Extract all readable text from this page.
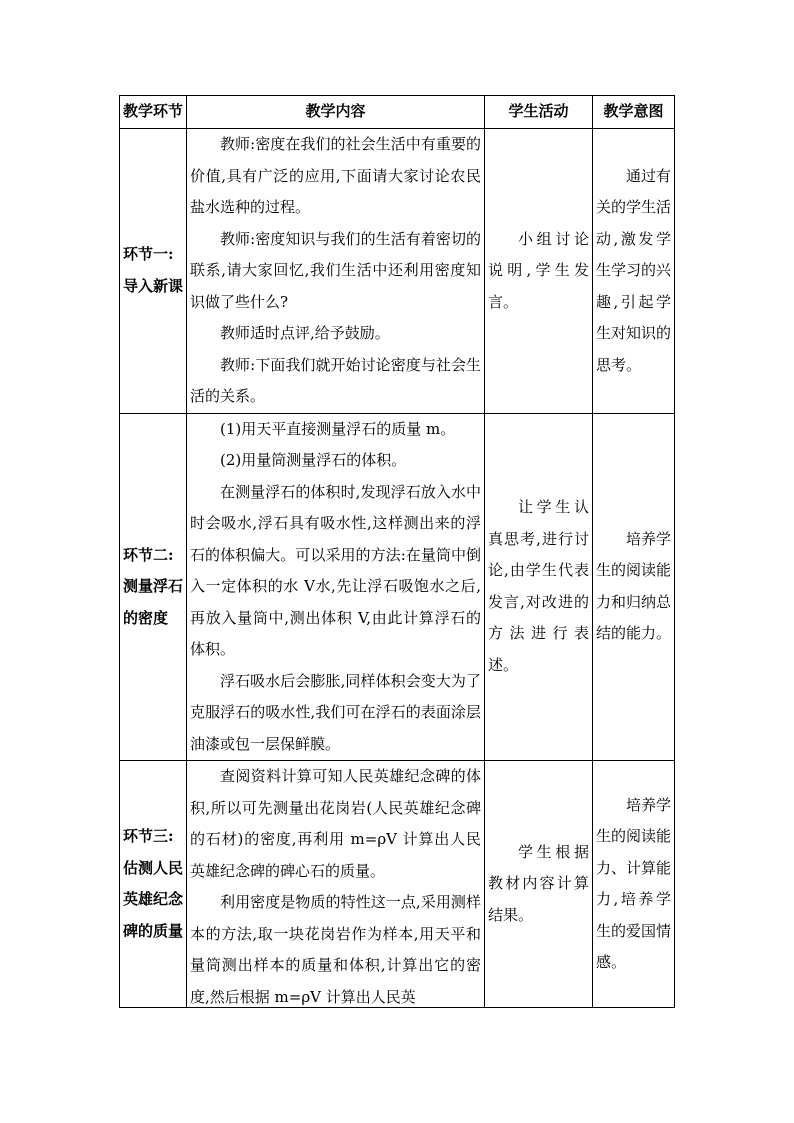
教学环节	教学内容	学生活动	教学意图
环节一:导入新课	教师:密度在我们的社会生活中有重要的价值,具有广泛的应用,下面请大家讨论农民盐水选种的过程。

教师:密度知识与我们的生活有着密切的联系,请大家回忆,我们生活中还利用密度知识做了些什么?

教师适时点评,给予鼓励。

教师:下面我们就开始讨论密度与社会生活的关系。	小组讨论说明,学生发言。	通过有关的学生活动,激发学生学习的兴趣,引起学生对知识的思考。
环节二:测量浮石的密度	(1)用天平直接测量浮石的质量 m。

(2)用量筒测量浮石的体积。

在测量浮石的体积时,发现浮石放入水中时会吸水,浮石具有吸水性,这样测出来的浮石的体积偏大。可以采用的方法:在量筒中倒入一定体积的水 V水,先让浮石吸饱水之后,再放入量筒中,测出体积 V,由此计算浮石的体积。

浮石吸水后会膨胀,同样体积会变大为了克服浮石的吸水性,我们可在浮石的表面涂层油漆或包一层保鲜膜。	让学生认真思考,进行讨论,由学生代表发言,对改进的方法进行表述。	培养学生的阅读能力和归纳总结的能力。
环节三:估测人民英雄纪念碑的质量	查阅资料计算可知人民英雄纪念碑的体积,所以可先测量出花岗岩(人民英雄纪念碑的石材)的密度,再利用 m=ρV 计算出人民英雄纪念碑的碑心石的质量。

利用密度是物质的特性这一点,采用测样本的方法,取一块花岗岩作为样本,用天平和量筒测出样本的质量和体积,计算出它的密度,然后根据 m=ρV 计算出人民英	学生根据教材内容计算结果。	培养学生的阅读能力、计算能力,培养学生的爱国情感。
